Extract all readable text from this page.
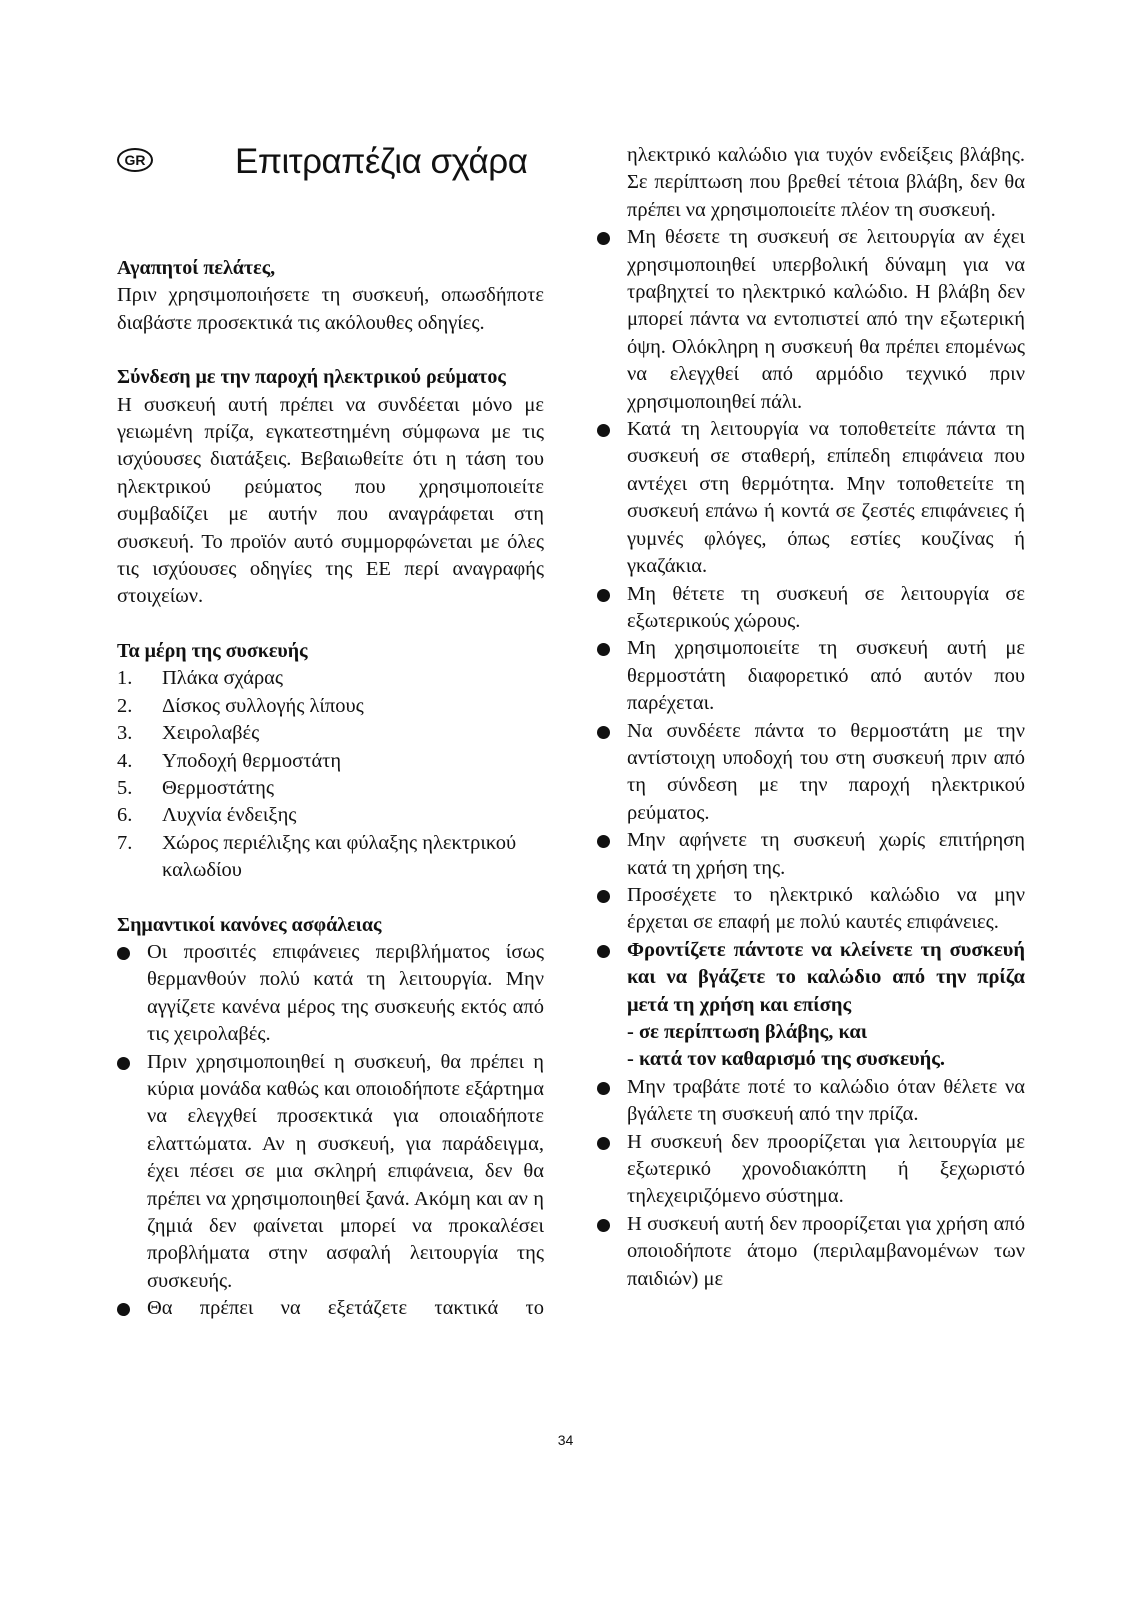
GR	Επιτραπέζια σχάρα

Αγαπητοί πελάτες,

Πριν χρησιμοποιήσετε τη συσκευή, οπωσδήποτε διαβάστε προσεκτικά τις ακόλουθες οδηγίες.

Σύνδεση με την παροχή ηλεκτρικού ρεύματος

Η συσκευή αυτή πρέπει να συνδέεται μόνο με γειωμένη πρίζα, εγκατεστημένη σύμφωνα με τις ισχύουσες διατάξεις. Βεβαιωθείτε ότι η τάση του ηλεκτρικού ρεύματος που χρησιμοποιείτε συμβαδίζει με αυτήν που αναγράφεται στη συσκευή. Το προϊόν αυτό συμμορφώνεται με όλες τις ισχύουσες οδηγίες της ΕΕ περί αναγραφής στοιχείων.

Τα μέρη της συσκευής

1.	Πλάκα σχάρας
2.	Δίσκος συλλογής λίπους
3.	Χειρολαβές
4.	Υποδοχή θερμοστάτη
5.	Θερμοστάτης
6.	Λυχνία ένδειξης
7.	Χώρος περιέλιξης και φύλαξης ηλεκτρικού καλωδίου

Σημαντικοί κανόνες ασφάλειας

Οι προσιτές επιφάνειες περιβλήματος ίσως θερμανθούν πολύ κατά τη λειτουργία. Μην αγγίζετε κανένα μέρος της συσκευής εκτός από τις χειρολαβές.
Πριν χρησιμοποιηθεί η συσκευή, θα πρέπει η κύρια μονάδα καθώς και οποιοδήποτε εξάρτημα να ελεγχθεί προσεκτικά για οποιαδήποτε ελαττώματα. Αν η συσκευή, για παράδειγμα, έχει πέσει σε μια σκληρή επιφάνεια, δεν θα πρέπει να χρησιμοποιηθεί ξανά. Ακόμη και αν η ζημιά δεν φαίνεται μπορεί να προκαλέσει προβλήματα στην ασφαλή λειτουργία της συσκευής.
Θα πρέπει να εξετάζετε τακτικά το

ηλεκτρικό καλώδιο για τυχόν ενδείξεις βλάβης. Σε περίπτωση που βρεθεί τέτοια βλάβη, δεν θα πρέπει να χρησιμοποιείτε πλέον τη συσκευή.

Μη θέσετε τη συσκευή σε λειτουργία αν έχει χρησιμοποιηθεί υπερβολική δύναμη για να τραβηχτεί το ηλεκτρικό καλώδιο. Η βλάβη δεν μπορεί πάντα να εντοπιστεί από την εξωτερική όψη. Ολόκληρη η συσκευή θα πρέπει επομένως να ελεγχθεί από αρμόδιο τεχνικό πριν χρησιμοποιηθεί πάλι.
Κατά τη λειτουργία να τοποθετείτε πάντα τη συσκευή σε σταθερή, επίπεδη επιφάνεια που αντέχει στη θερμότητα. Μην τοποθετείτε τη συσκευή επάνω ή κοντά σε ζεστές επιφάνειες ή γυμνές φλόγες, όπως εστίες κουζίνας ή γκαζάκια.
Μη θέτετε τη συσκευή σε λειτουργία σε εξωτερικούς χώρους.
Μη χρησιμοποιείτε τη συσκευή αυτή με θερμοστάτη διαφορετικό από αυτόν που παρέχεται.
Να συνδέετε πάντα το θερμοστάτη με την αντίστοιχη υποδοχή του στη συσκευή πριν από τη σύνδεση με την παροχή ηλεκτρικού ρεύματος.
Μην αφήνετε τη συσκευή χωρίς επιτήρηση κατά τη χρήση της.
Προσέχετε το ηλεκτρικό καλώδιο να μην έρχεται σε επαφή με πολύ καυτές επιφάνειες.
Φροντίζετε πάντοτε να κλείνετε τη συσκευή και να βγάζετε το καλώδιο από την πρίζα μετά τη χρήση και επίσης
- σε περίπτωση βλάβης, και
- κατά τον καθαρισμό της συσκευής.
Μην τραβάτε ποτέ το καλώδιο όταν θέλετε να βγάλετε τη συσκευή από την πρίζα.
Η συσκευή δεν προορίζεται για λειτουργία με εξωτερικό χρονοδιακόπτη ή ξεχωριστό τηλεχειριζόμενο σύστημα.
Η συσκευή αυτή δεν προορίζεται για χρήση από οποιοδήποτε άτομο (περιλαμβανομένων των παιδιών) με
34
